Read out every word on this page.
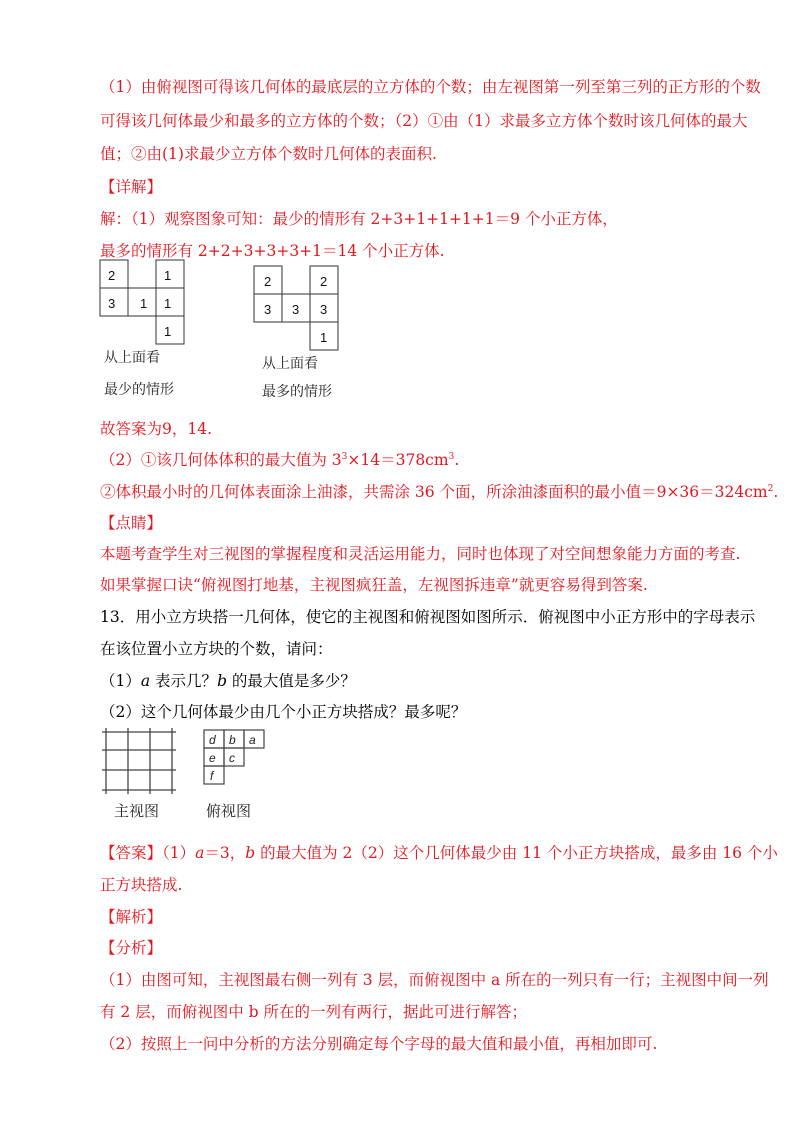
（1）由俯视图可得该几何体的最底层的立方体的个数；由左视图第一列至第三列的正方形的个数
可得该几何体最少和最多的立方体的个数；（2）①由（1）求最多立方体个数时该几何体的最大
值；②由(1)求最少立方体个数时几何体的表面积.
【详解】
解：（1）观察图象可知：最少的情形有 2+3+1+1+1+1＝9 个小正方体，
最多的情形有 2+2+3+3+3+1＝14 个小正方体.
2	1
3 1 1
1
从上面看
最少的情形
2	2
3 3 3
1
从上面看
最多的情形
故答案为9，14.
（2）①该几何体体积的最大值为 $3^3\times 14=378cm^3$.
②体积最小时的几何体表面涂上油漆，共需涂 36 个面，所涂油漆面积的最小值$=9\times 36=324cm^2$.
【点睛】
本题考查学生对三视图的掌握程度和灵活运用能力，同时也体现了对空间想象能力方面的考查.
如果掌握口诀“俯视图打地基，主视图疯狂盖，左视图拆违章”就更容易得到答案.
13．用小立方块搭一几何体，使它的主视图和俯视图如图所示．俯视图中小正方形中的字母表示
在该位置小立方块的个数，请问：
（1）a 表示几？b 的最大值是多少？
（2）这个几何体最少由几个小正方块搭成？最多呢？
主视图
d b a
e c
f
俯视图
【答案】（1）a＝3，b 的最大值为 2（2）这个几何体最少由 11 个小正方块搭成，最多由 16 个小
正方块搭成.
【解析】
【分析】
（1）由图可知，主视图最右侧一列有 3 层，而俯视图中 a 所在的一列只有一行；主视图中间一列
有 2 层，而俯视图中 b 所在的一列有两行，据此可进行解答；
（2）按照上一问中分析的方法分别确定每个字母的最大值和最小值，再相加即可.
